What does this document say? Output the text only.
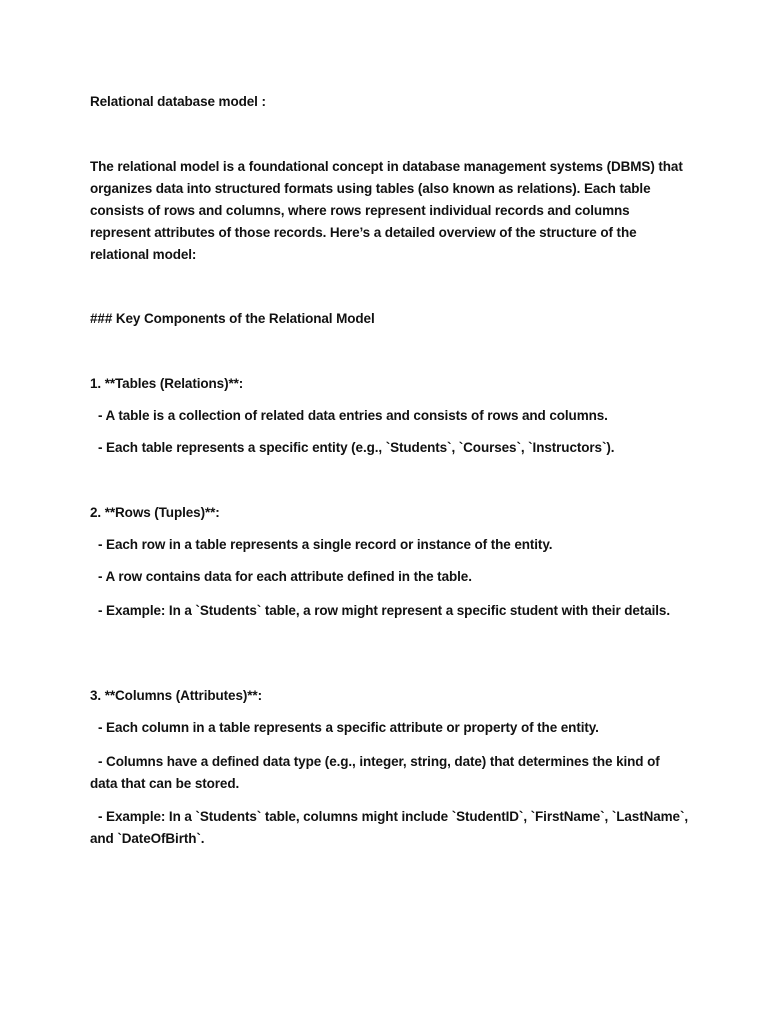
Relational database model :
The relational model is a foundational concept in database management systems (DBMS) that organizes data into structured formats using tables (also known as relations). Each table consists of rows and columns, where rows represent individual records and columns represent attributes of those records. Here’s a detailed overview of the structure of the relational model:
### Key Components of the Relational Model
1. **Tables (Relations)**:
- A table is a collection of related data entries and consists of rows and columns.
- Each table represents a specific entity (e.g., `Students`, `Courses`, `Instructors`).
2. **Rows (Tuples)**:
- Each row in a table represents a single record or instance of the entity.
- A row contains data for each attribute defined in the table.
- Example: In a `Students` table, a row might represent a specific student with their details.
3. **Columns (Attributes)**:
- Each column in a table represents a specific attribute or property of the entity.
- Columns have a defined data type (e.g., integer, string, date) that determines the kind of data that can be stored.
- Example: In a `Students` table, columns might include `StudentID`, `FirstName`, `LastName`, and `DateOfBirth`.
